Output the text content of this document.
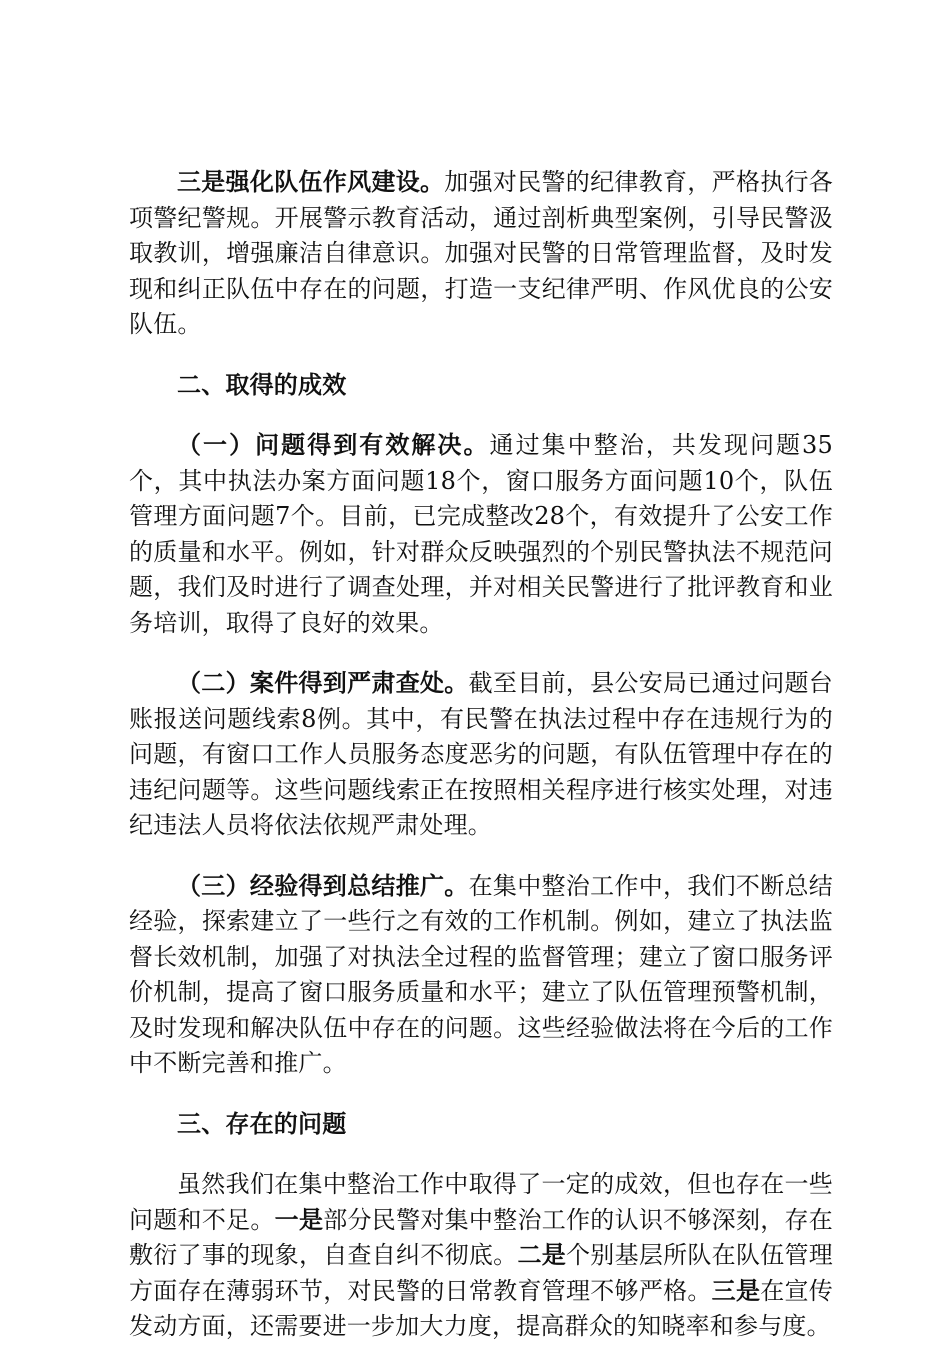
三是强化队伍作风建设。加强对民警的纪律教育，严格执行各项警纪警规。开展警示教育活动，通过剖析典型案例，引导民警汲取教训，增强廉洁自律意识。加强对民警的日常管理监督，及时发现和纠正队伍中存在的问题，打造一支纪律严明、作风优良的公安队伍。

二、取得的成效

（一）问题得到有效解决。通过集中整治，共发现问题35个，其中执法办案方面问题18个，窗口服务方面问题10个，队伍管理方面问题7个。目前，已完成整改28个，有效提升了公安工作的质量和水平。例如，针对群众反映强烈的个别民警执法不规范问题，我们及时进行了调查处理，并对相关民警进行了批评教育和业务培训，取得了良好的效果。

（二）案件得到严肃查处。截至目前，县公安局已通过问题台账报送问题线索8例。其中，有民警在执法过程中存在违规行为的问题，有窗口工作人员服务态度恶劣的问题，有队伍管理中存在的违纪问题等。这些问题线索正在按照相关程序进行核实处理，对违纪违法人员将依法依规严肃处理。

（三）经验得到总结推广。在集中整治工作中，我们不断总结经验，探索建立了一些行之有效的工作机制。例如，建立了执法监督长效机制，加强了对执法全过程的监督管理；建立了窗口服务评价机制，提高了窗口服务质量和水平；建立了队伍管理预警机制，及时发现和解决队伍中存在的问题。这些经验做法将在今后的工作中不断完善和推广。

三、存在的问题

虽然我们在集中整治工作中取得了一定的成效，但也存在一些问题和不足。一是部分民警对集中整治工作的认识不够深刻，存在敷衍了事的现象，自查自纠不彻底。二是个别基层所队在队伍管理方面存在薄弱环节，对民警的日常教育管理不够严格。三是在宣传发动方面，还需要进一步加大力度，提高群众的知晓率和参与度。
